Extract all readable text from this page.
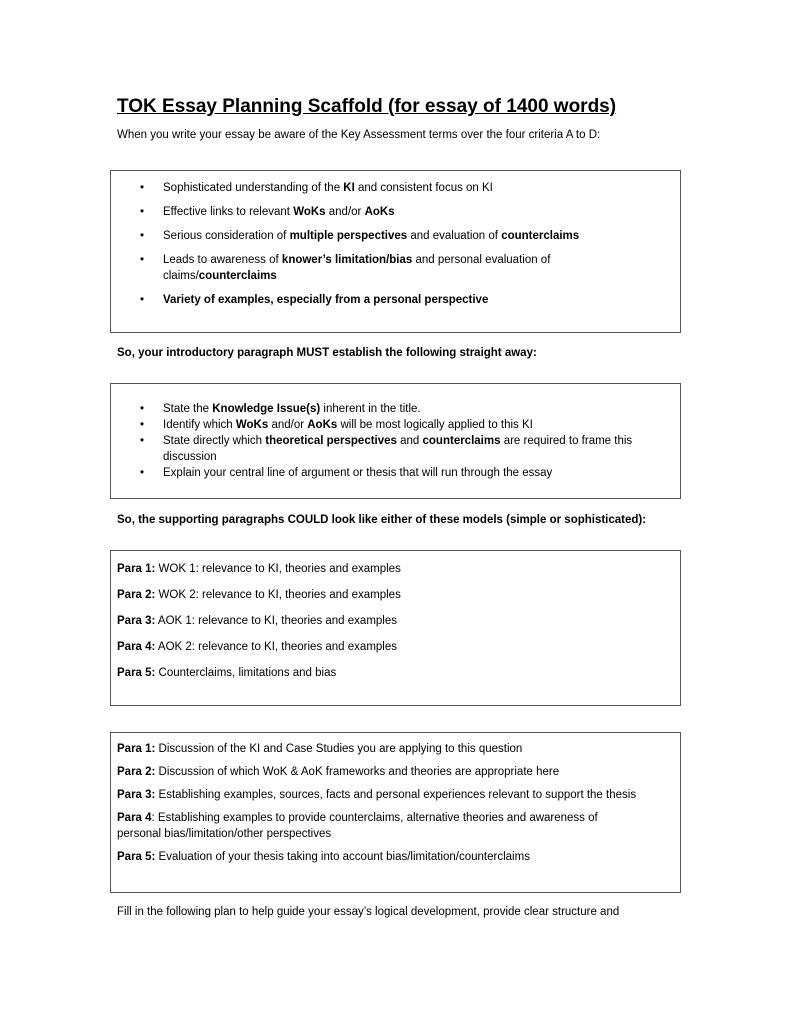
TOK Essay Planning Scaffold (for essay of 1400 words)
When you write your essay be aware of the Key Assessment terms over the four criteria A to D:
• Sophisticated understanding of the KI and consistent focus on KI
• Effective links to relevant WoKs and/or AoKs
• Serious consideration of multiple perspectives and evaluation of counterclaims
• Leads to awareness of knower’s limitation/bias and personal evaluation of claims/counterclaims
• Variety of examples, especially from a personal perspective
So, your introductory paragraph MUST establish the following straight away:
• State the Knowledge Issue(s) inherent in the title.
• Identify which WoKs and/or AoKs will be most logically applied to this KI
• State directly which theoretical perspectives and counterclaims are required to frame this discussion
• Explain your central line of argument or thesis that will run through the essay
So, the supporting paragraphs COULD look like either of these models (simple or sophisticated):
Para 1: WOK 1: relevance to KI, theories and examples
Para 2: WOK 2: relevance to KI, theories and examples
Para 3: AOK 1: relevance to KI, theories and examples
Para 4: AOK 2: relevance to KI, theories and examples
Para 5: Counterclaims, limitations and bias
Para 1: Discussion of the KI and Case Studies you are applying to this question
Para 2: Discussion of which WoK & AoK frameworks and theories are appropriate here
Para 3: Establishing examples, sources, facts and personal experiences relevant to support the thesis
Para 4: Establishing examples to provide counterclaims, alternative theories and awareness of personal bias/limitation/other perspectives
Para 5: Evaluation of your thesis taking into account bias/limitation/counterclaims
Fill in the following plan to help guide your essay’s logical development, provide clear structure and
